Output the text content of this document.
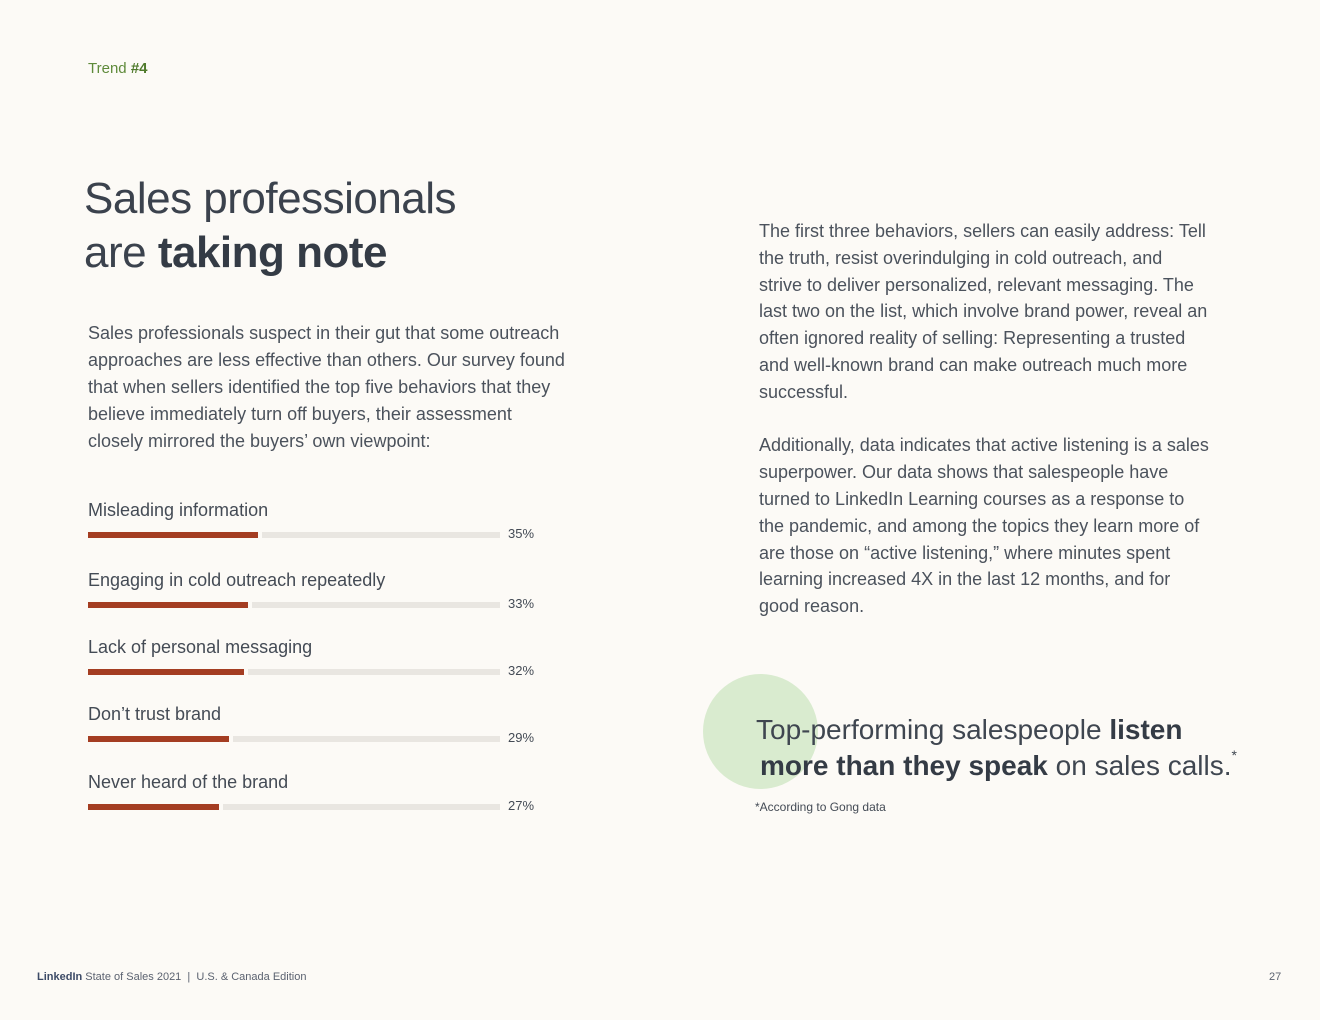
Trend #4
Sales professionals
are taking note
Sales professionals suspect in their gut that some outreach approaches are less effective than others. Our survey found that when sellers identified the top five behaviors that they believe immediately turn off buyers, their assessment closely mirrored the buyers’ own viewpoint:
Misleading information
35%
Engaging in cold outreach repeatedly
33%
Lack of personal messaging
32%
Don’t trust brand
29%
Never heard of the brand
27%

The first three behaviors, sellers can easily address: Tell the truth, resist overindulging in cold outreach, and strive to deliver personalized, relevant messaging. The last two on the list, which involve brand power, reveal an often ignored reality of selling: Representing a trusted and well-known brand can make outreach much more successful.

Additionally, data indicates that active listening is a sales superpower. Our data shows that salespeople have turned to LinkedIn Learning courses as a response to the pandemic, and among the topics they learn more of are those on “active listening,” where minutes spent learning increased 4X in the last 12 months, and for good reason.

Top-performing salespeople listen
more than they speak on sales calls.*
*According to Gong data
LinkedIn State of Sales 2021  |  U.S. & Canada Edition	27
